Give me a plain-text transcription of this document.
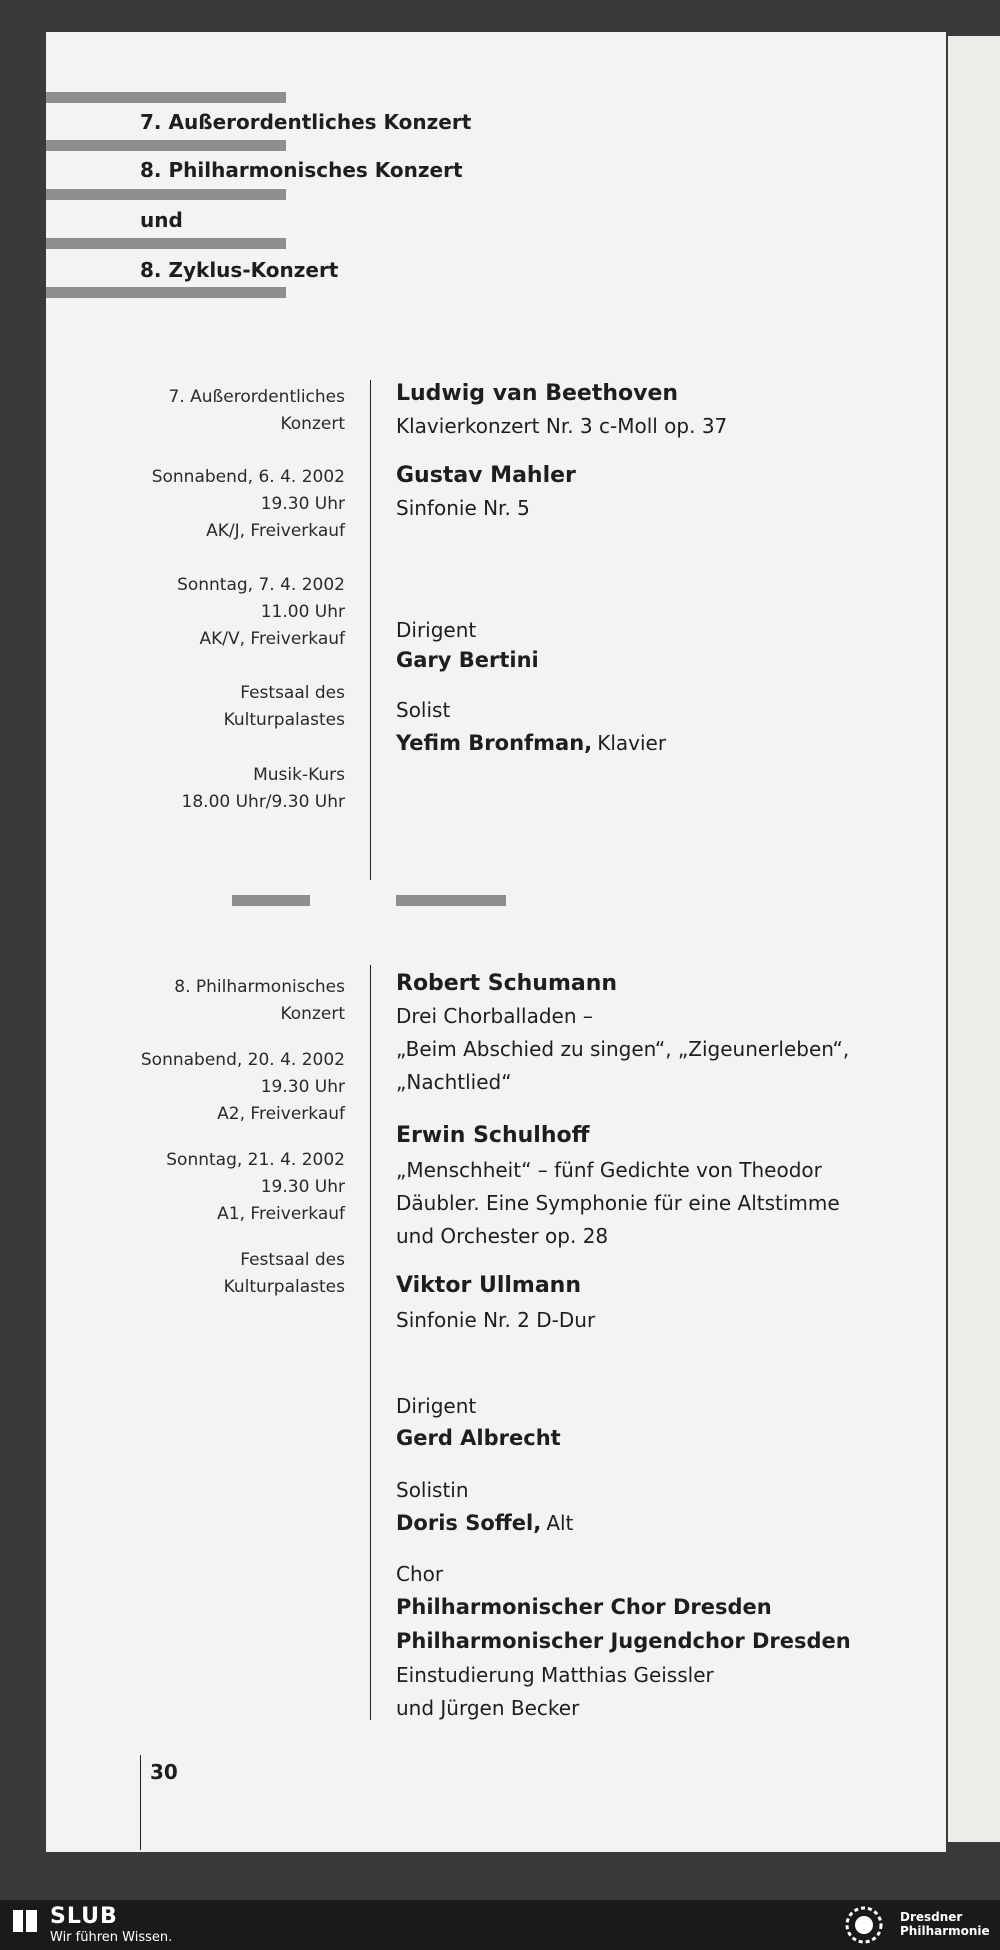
7. Außerordentliches Konzert
8. Philharmonisches Konzert
und
8. Zyklus-Konzert
7. Außerordentliches
Konzert
Sonnabend, 6. 4. 2002
19.30 Uhr
AK/J, Freiverkauf
Sonntag, 7. 4. 2002
11.00 Uhr
AK/V, Freiverkauf
Festsaal des
Kulturpalastes
Musik-Kurs
18.00 Uhr/9.30 Uhr
Ludwig van Beethoven
Klavierkonzert Nr. 3 c-Moll op. 37
Gustav Mahler
Sinfonie Nr. 5
Dirigent
Gary Bertini
Solist
Yefim Bronfman, Klavier
8. Philharmonisches
Konzert
Sonnabend, 20. 4. 2002
19.30 Uhr
A2, Freiverkauf
Sonntag, 21. 4. 2002
19.30 Uhr
A1, Freiverkauf
Festsaal des
Kulturpalastes
Robert Schumann
Drei Chorballaden –
„Beim Abschied zu singen“, „Zigeunerleben“,
„Nachtlied“
Erwin Schulhoff
„Menschheit“ – fünf Gedichte von Theodor
Däubler. Eine Symphonie für eine Altstimme
und Orchester op. 28
Viktor Ullmann
Sinfonie Nr. 2 D-Dur
Dirigent
Gerd Albrecht
Solistin
Doris Soffel, Alt
Chor
Philharmonischer Chor Dresden
Philharmonischer Jugendchor Dresden
Einstudierung Matthias Geissler
und Jürgen Becker
30
SLUB
Wir führen Wissen.
Dresdner
Philharmonie
